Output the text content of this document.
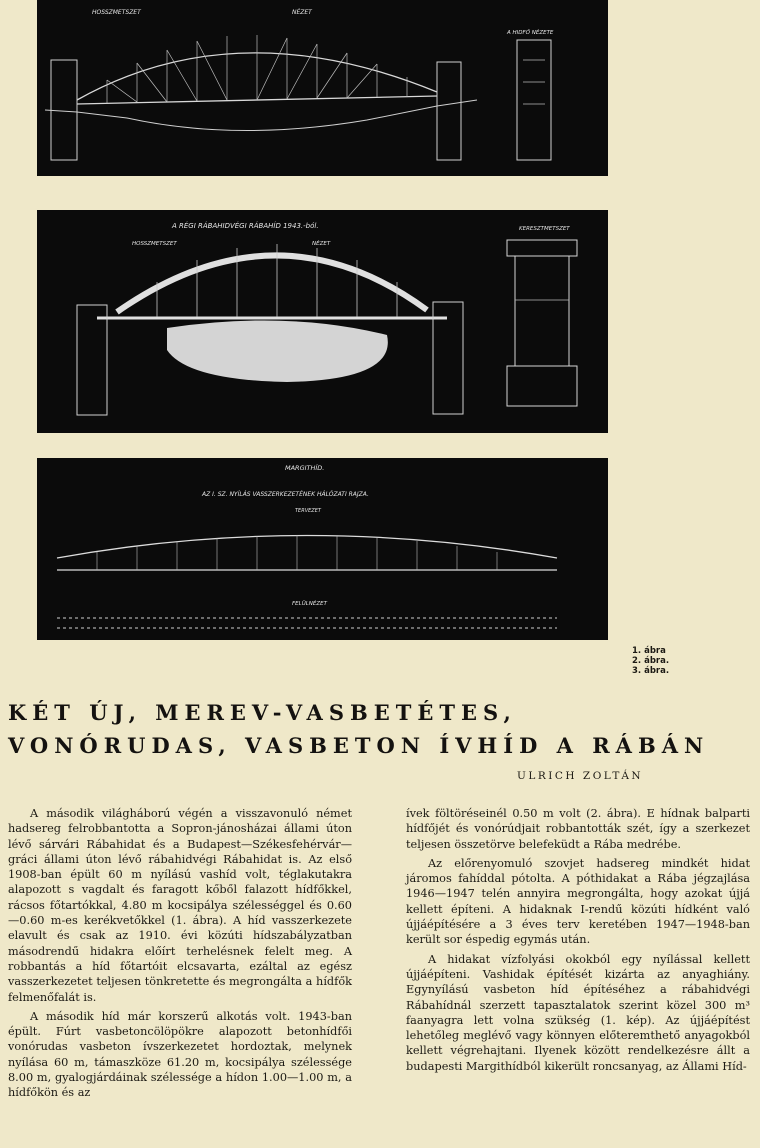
HOSSZMETSZET	NÉZET
A HIDFŐ NÉZETE
A RÉGI RÁBAHIDVÉGI RÁBAHÍD 1943.-ból.
HOSSZMETSZET	NÉZET
KERESZTMETSZET
MARGITHÍD.
AZ I. SZ. NYÍLÁS VASSZERKEZETÉNEK HÁLÓZATI RAJZA.
TERVEZET
FELÜLNÉZET
1. ábra
2. ábra.
3. ábra.
KÉT ÚJ, MEREV-VASBETÉTES,
VONÓRUDAS, VASBETON ÍVHÍD A RÁBÁN
ULRICH ZOLTÁN

A második világháború végén a visszavonuló német hadsereg felrobbantotta a Sopron-jánosházai állami úton lévő sárvári Rábahidat és a Budapest—Székesfehérvár—gráci állami úton lévő rábahidvégi Rábahidat is. Az első 1908-ban épült 60 m nyílású vashíd volt, téglakutakra alapozott s vagdalt és faragott kőből falazott hídfőkkel, rácsos főtartókkal, 4.80 m kocsipálya szélességgel és 0.60—0.60 m-es kerékvetőkkel (1. ábra). A híd vasszerkezete elavult és csak az 1910. évi közúti hídszabályzatban másodrendű hidakra előírt terhelésnek felelt meg. A robbantás a híd főtartóit elcsavarta, ezáltal az egész vasszerkezetet teljesen tönkretette és megrongálta a hídfők felmenőfalát is.

A második híd már korszerű alkotás volt. 1943-ban épült. Fúrt vasbetoncölöpökre alapozott betonhídfői vonórudas vasbeton ívszerkezetet hordoztak, melynek nyílása 60 m, támaszköze 61.20 m, kocsipálya szélessége 8.00 m, gyalogjárdáinak szélessége a hídon 1.00—1.00 m, a hídfőkön és az

ívek föltöréseinél 0.50 m volt (2. ábra). E hídnak balparti hídfőjét és vonórúdjait robbantották szét, így a szerkezet teljesen összetörve belefeküdt a Rába medrébe.

Az előrenyomuló szovjet hadsereg mindkét hidat járomos fahíddal pótolta. A póthidakat a Rába jégzajlása 1946—1947 telén annyira megrongálta, hogy azokat újjá kellett építeni. A hidaknak I-rendű közúti hídként való újjáépítésére a 3 éves terv keretében 1947—1948-ban került sor éspedig egymás után.

A hidakat vízfolyási okokból egy nyílással kellett újjáépíteni. Vashidak építését kizárta az anyaghiány. Egynyílású vasbeton híd építéséhez a rábahidvégi Rábahídnál szerzett tapasztalatok szerint közel 300 m³ faanyagra lett volna szükség (1. kép). Az újjáépítést lehetőleg meglévő vagy könnyen előteremthető anyagokból kellett végrehajtani. Ilyenek között rendelkezésre állt a budapesti Margithídból kikerült roncsanyag, az Állami Híd-
